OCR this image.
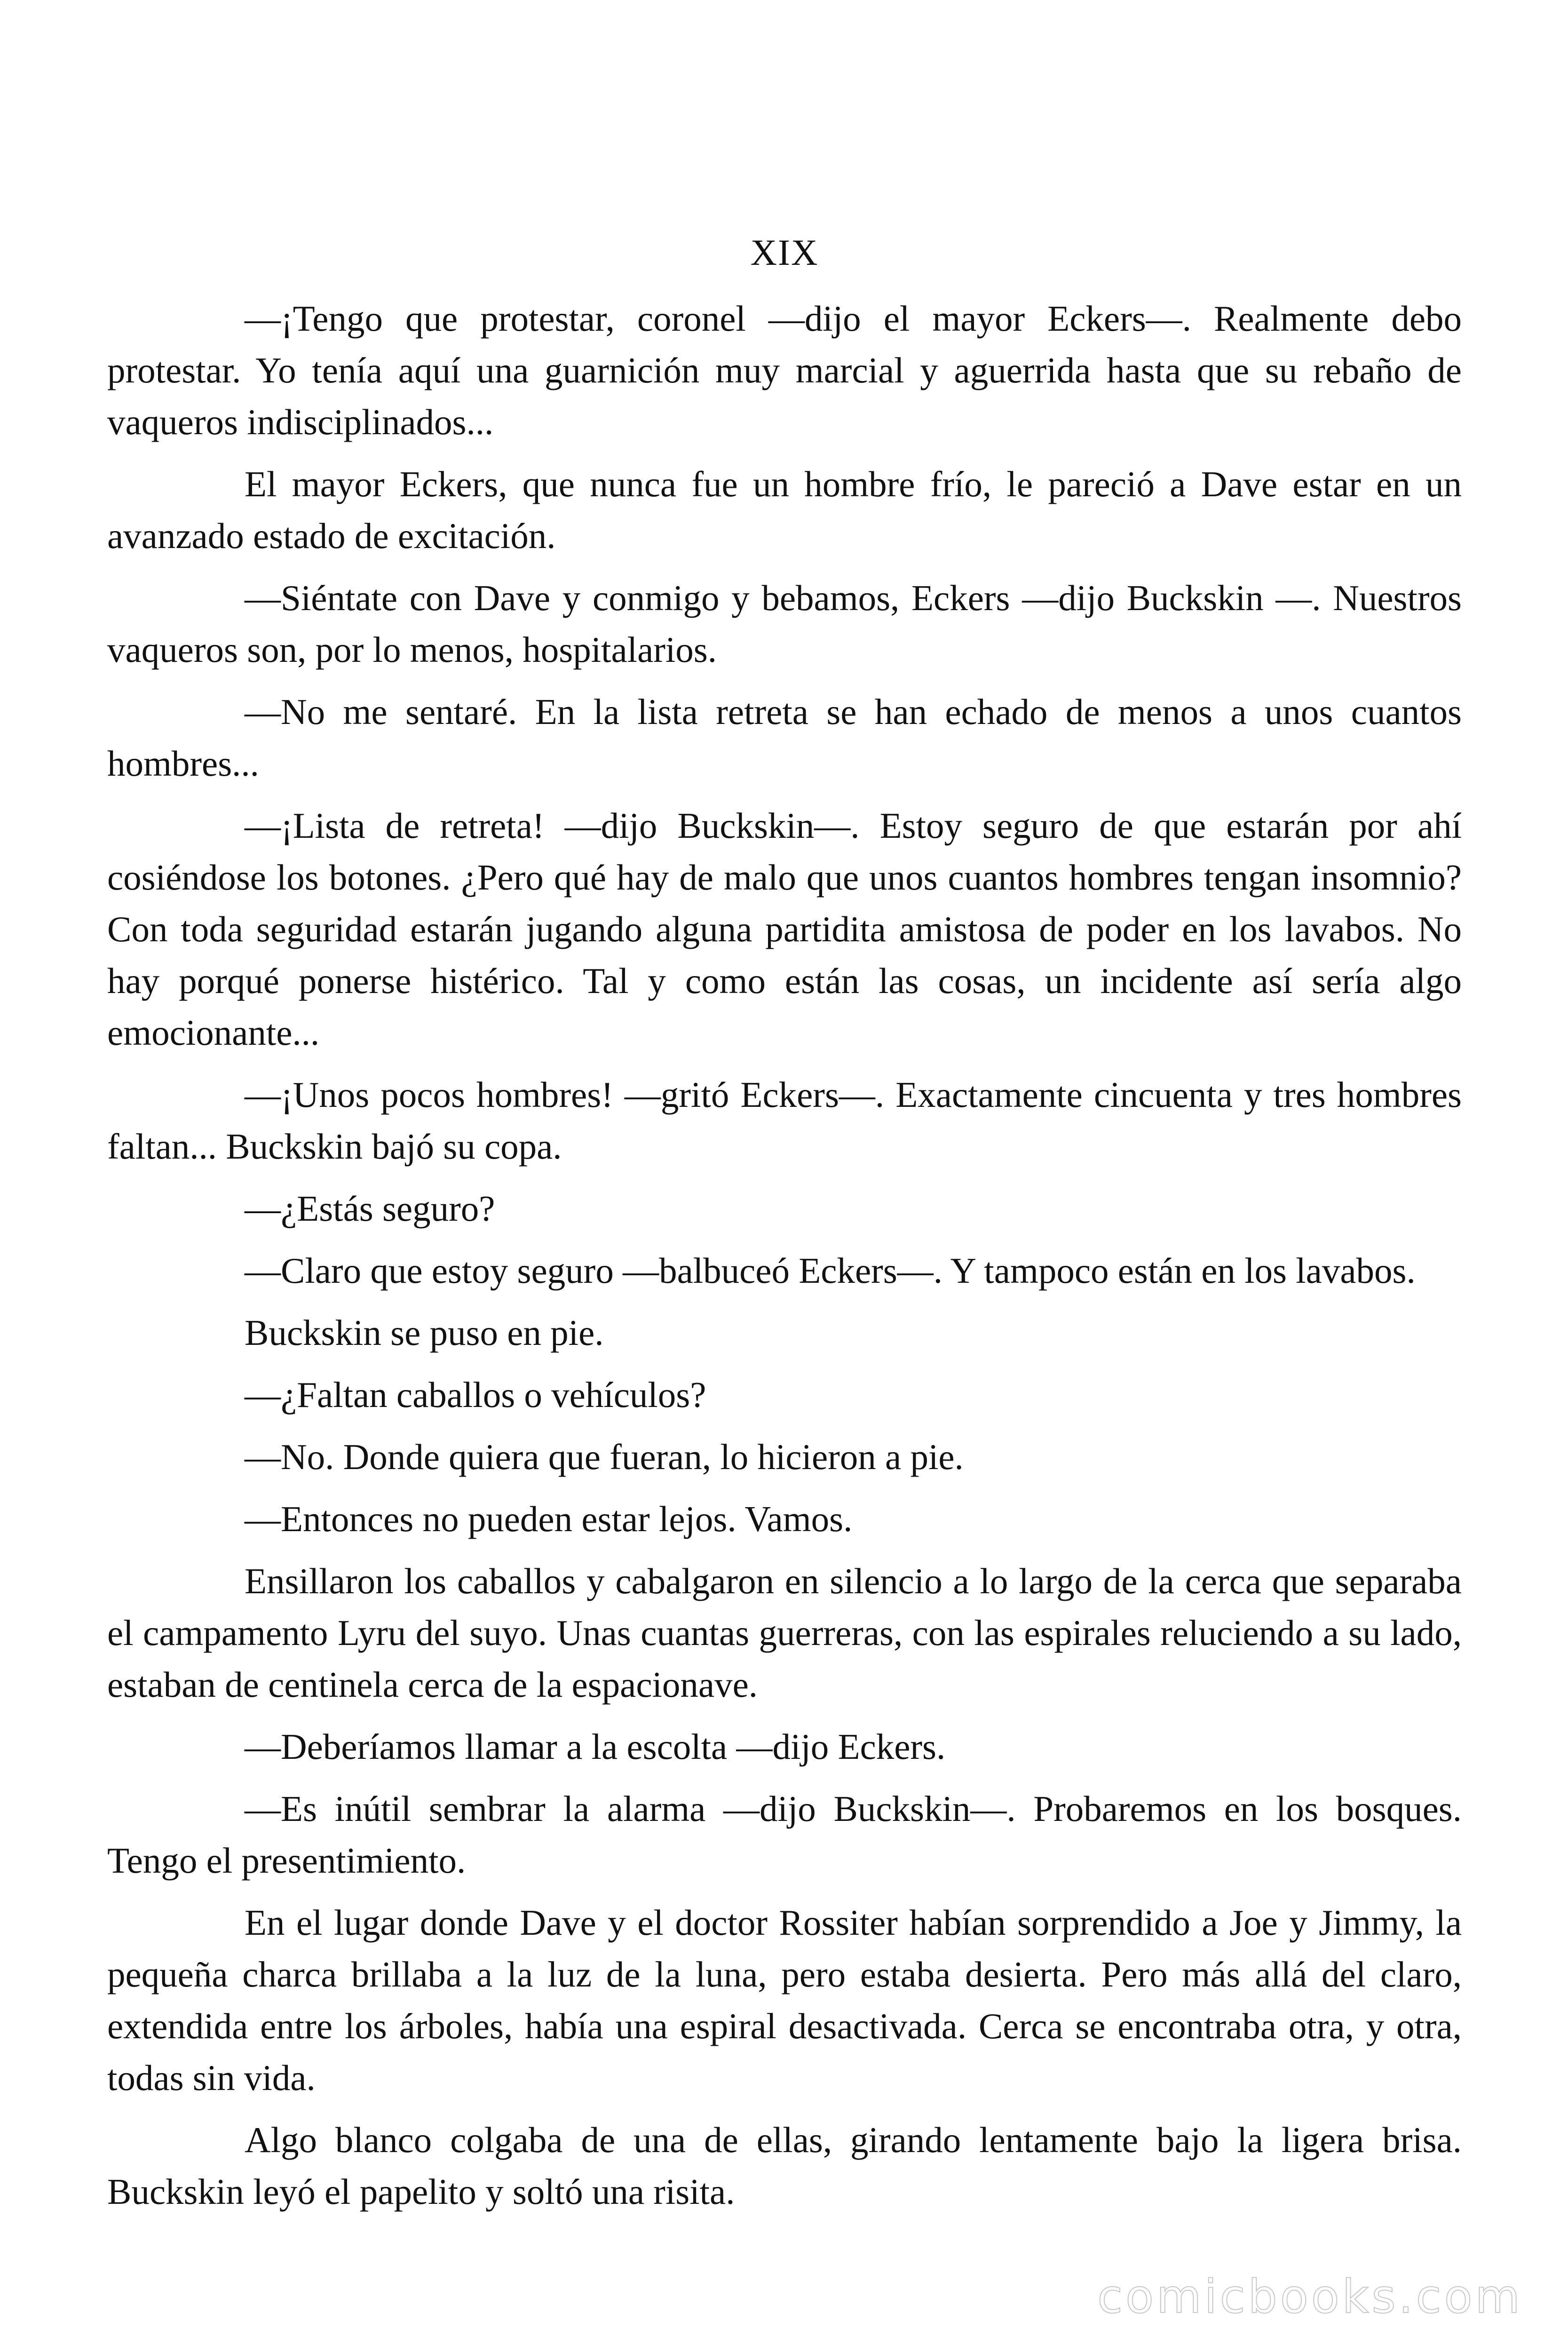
XIX

—¡Tengo que protestar, coronel —dijo el mayor Eckers—. Realmente debo protestar. Yo tenía aquí una guarnición muy marcial y aguerrida hasta que su rebaño de vaqueros indisciplinados...

El mayor Eckers, que nunca fue un hombre frío, le pareció a Dave estar en un avanzado estado de excitación.

—Siéntate con Dave y conmigo y bebamos, Eckers —dijo Buckskin —. Nuestros vaqueros son, por lo menos, hospitalarios.

—No me sentaré. En la lista retreta se han echado de menos a unos cuantos hombres...

—¡Lista de retreta! —dijo Buckskin—. Estoy seguro de que estarán por ahí cosiéndose los botones. ¿Pero qué hay de malo que unos cuantos hombres tengan insomnio? Con toda seguridad estarán jugando alguna partidita amistosa de poder en los lavabos. No hay porqué ponerse histérico. Tal y como están las cosas, un incidente así sería algo emocionante...

—¡Unos pocos hombres! —gritó Eckers—. Exactamente cincuenta y tres hombres faltan... Buckskin bajó su copa.

—¿Estás seguro?

—Claro que estoy seguro —balbuceó Eckers—. Y tampoco están en los lavabos.

Buckskin se puso en pie.

—¿Faltan caballos o vehículos?

—No. Donde quiera que fueran, lo hicieron a pie.

—Entonces no pueden estar lejos. Vamos.

Ensillaron los caballos y cabalgaron en silencio a lo largo de la cerca que separaba el campamento Lyru del suyo. Unas cuantas guerreras, con las espirales reluciendo a su lado, estaban de centinela cerca de la espacionave.

—Deberíamos llamar a la escolta —dijo Eckers.

—Es inútil sembrar la alarma —dijo Buckskin—. Probaremos en los bosques. Tengo el presentimiento.

En el lugar donde Dave y el doctor Rossiter habían sorprendido a Joe y Jimmy, la pequeña charca brillaba a la luz de la luna, pero estaba desierta. Pero más allá del claro, extendida entre los árboles, había una espiral desactivada. Cerca se encontraba otra, y otra, todas sin vida.

Algo blanco colgaba de una de ellas, girando lentamente bajo la ligera brisa. Buckskin leyó el papelito y soltó una risita.

comicbooks.com
